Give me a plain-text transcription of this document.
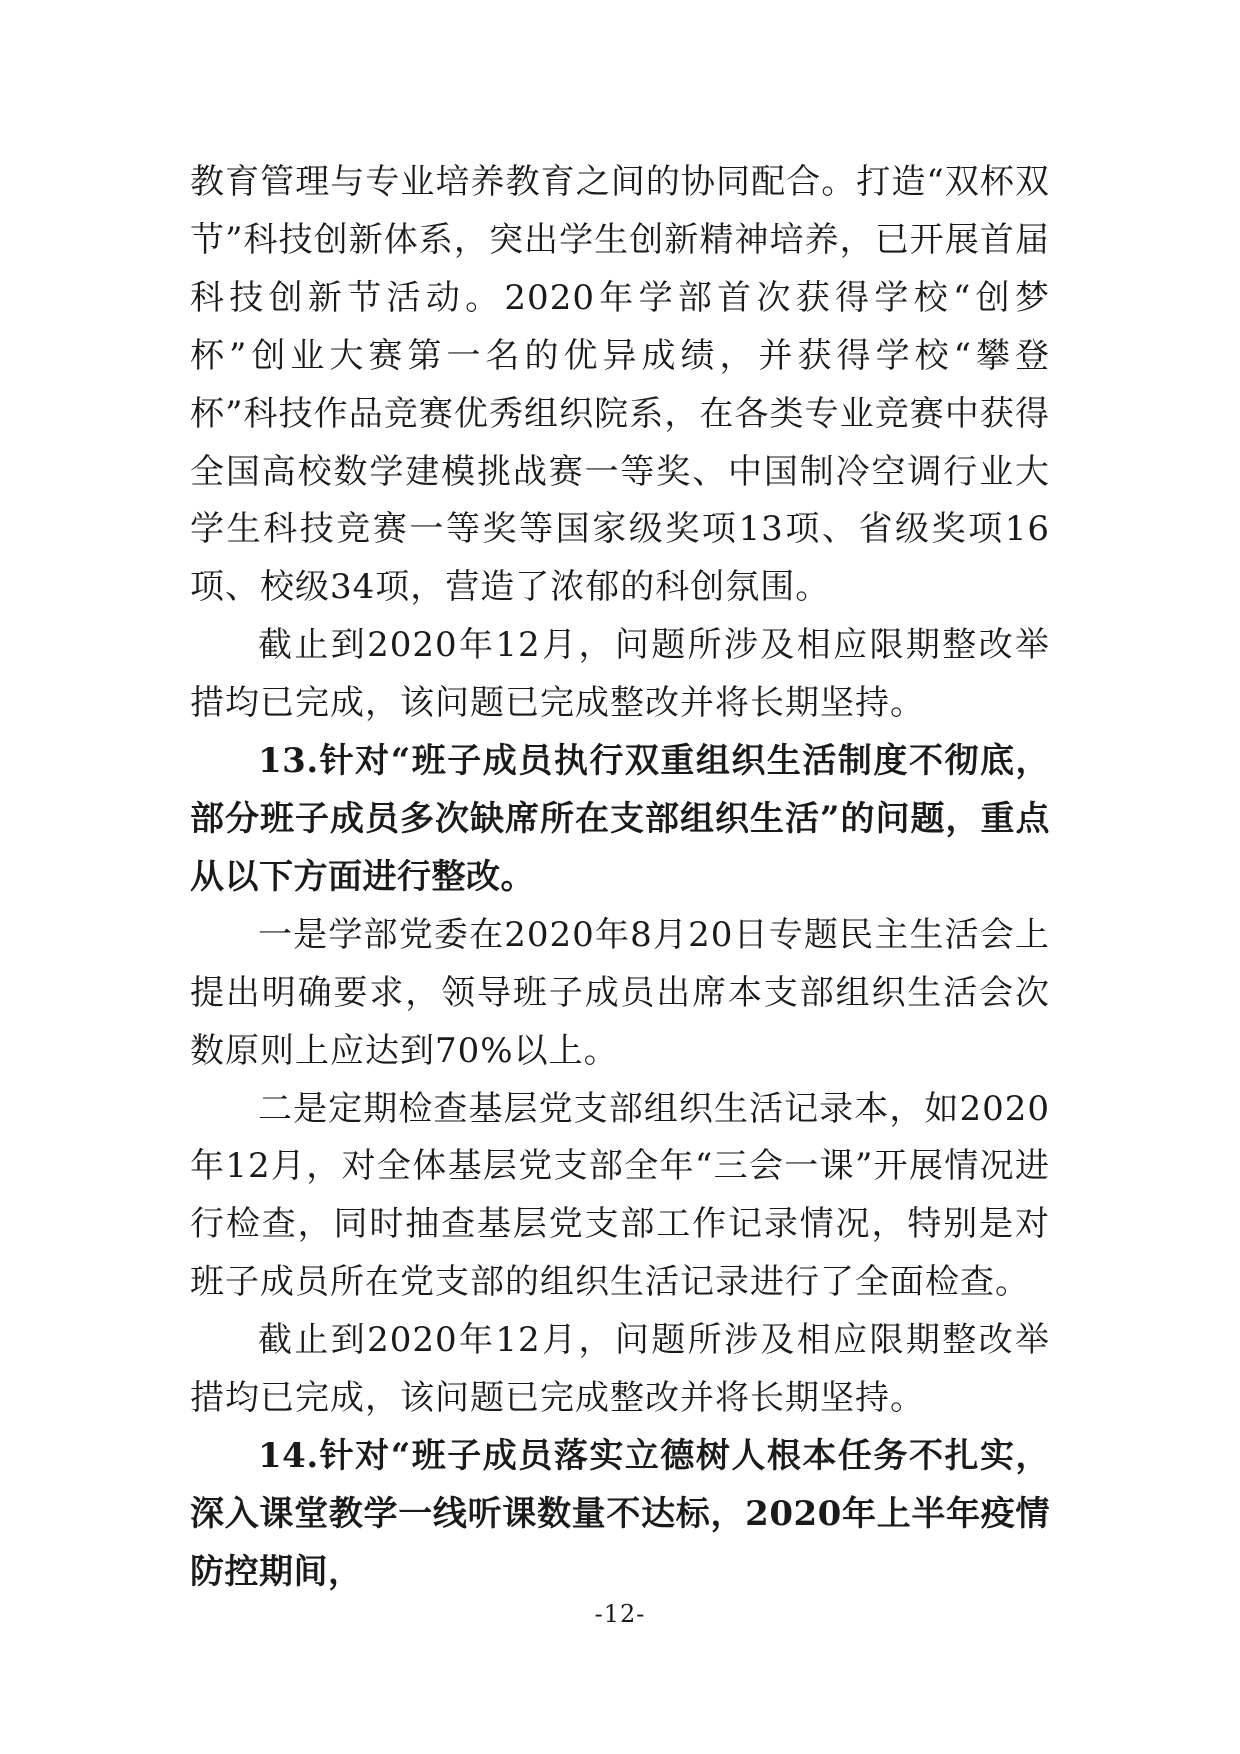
教育管理与专业培养教育之间的协同配合。打造“双杯双节”科技创新体系，突出学生创新精神培养，已开展首届科技创新节活动。2020年学部首次获得学校“创梦杯”创业大赛第一名的优异成绩，并获得学校“攀登杯”科技作品竞赛优秀组织院系，在各类专业竞赛中获得全国高校数学建模挑战赛一等奖、中国制冷空调行业大学生科技竞赛一等奖等国家级奖项13项、省级奖项16项、校级34项，营造了浓郁的科创氛围。

截止到2020年12月，问题所涉及相应限期整改举措均已完成，该问题已完成整改并将长期坚持。

13.针对“班子成员执行双重组织生活制度不彻底，部分班子成员多次缺席所在支部组织生活”的问题，重点从以下方面进行整改。

一是学部党委在2020年8月20日专题民主生活会上提出明确要求，领导班子成员出席本支部组织生活会次数原则上应达到70%以上。

二是定期检查基层党支部组织生活记录本，如2020年12月，对全体基层党支部全年“三会一课”开展情况进行检查，同时抽查基层党支部工作记录情况，特别是对班子成员所在党支部的组织生活记录进行了全面检查。

截止到2020年12月，问题所涉及相应限期整改举措均已完成，该问题已完成整改并将长期坚持。

14.针对“班子成员落实立德树人根本任务不扎实，深入课堂教学一线听课数量不达标，2020年上半年疫情防控期间，

-12-
